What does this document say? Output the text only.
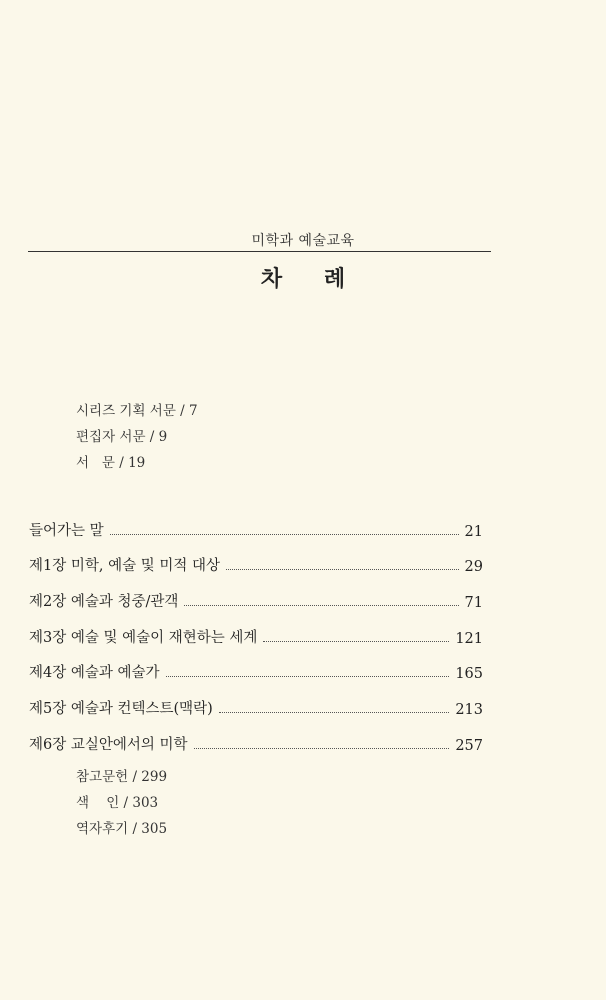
미학과 예술교육
차 례
시리즈 기획 서문 / 7
편집자 서문 / 9
서   문 / 19
들어가는 말	21
제1장 미학, 예술 및 미적 대상	29
제2장 예술과 청중/관객	71
제3장 예술 및 예술이 재현하는 세계	121
제4장 예술과 예술가	165
제5장 예술과 컨텍스트(맥락)	213
제6장 교실안에서의 미학	257
참고문헌 / 299
색    인 / 303
역자후기 / 305
